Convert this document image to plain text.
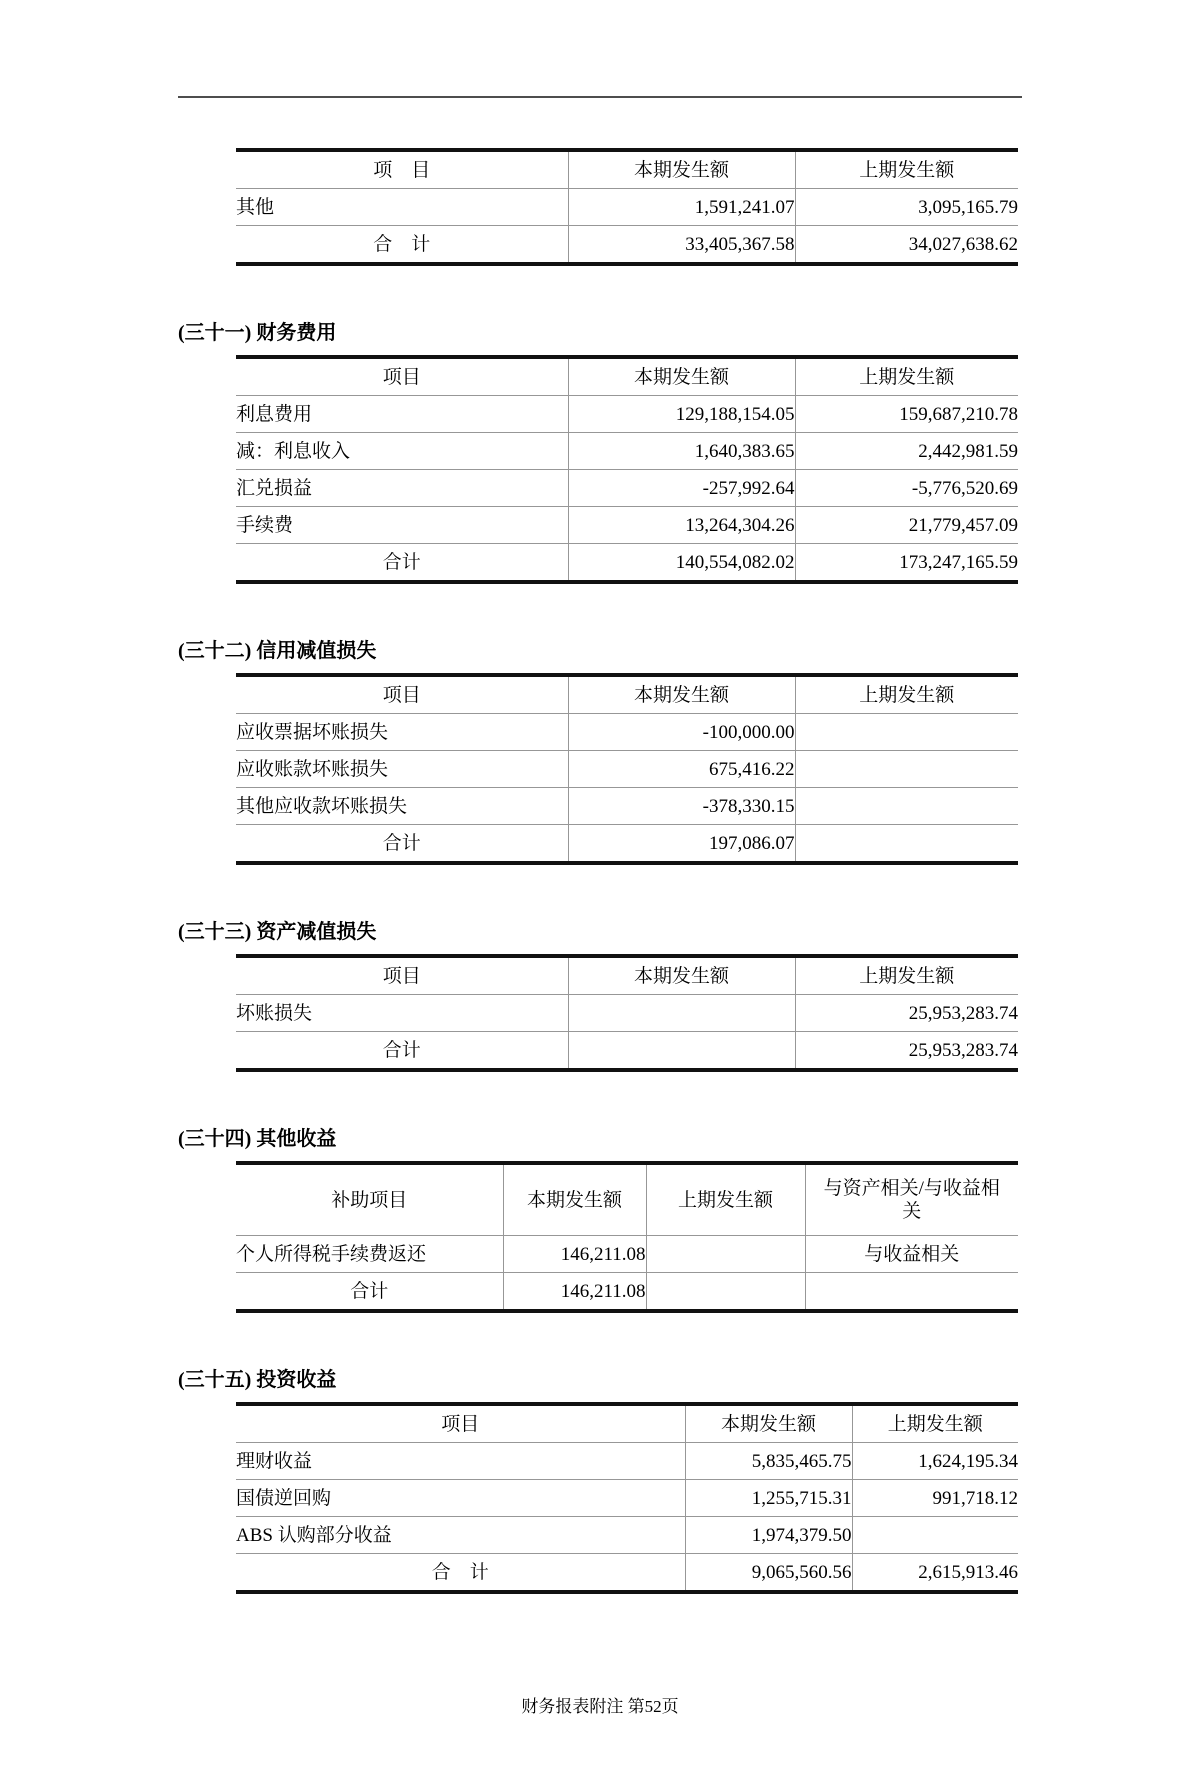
项　目	本期发生额	上期发生额
其他	1,591,241.07	3,095,165.79
合　计	33,405,367.58	34,027,638.62
(三十一) 财务费用
项目	本期发生额	上期发生额
利息费用	129,188,154.05	159,687,210.78
减：利息收入	1,640,383.65	2,442,981.59
汇兑损益	-257,992.64	-5,776,520.69
手续费	13,264,304.26	21,779,457.09
合计	140,554,082.02	173,247,165.59
(三十二) 信用减值损失
项目	本期发生额	上期发生额
应收票据坏账损失	-100,000.00	
应收账款坏账损失	675,416.22	
其他应收款坏账损失	-378,330.15	
合计	197,086.07	
(三十三) 资产减值损失
项目	本期发生额	上期发生额
坏账损失		25,953,283.74
合计		25,953,283.74
(三十四) 其他收益
补助项目	本期发生额	上期发生额	与资产相关/与收益相关
个人所得税手续费返还	146,211.08		与收益相关
合计	146,211.08		
(三十五) 投资收益
项目	本期发生额	上期发生额
理财收益	5,835,465.75	1,624,195.34
国债逆回购	1,255,715.31	991,718.12
ABS 认购部分收益	1,974,379.50	
合　计	9,065,560.56	2,615,913.46
财务报表附注 第52页
